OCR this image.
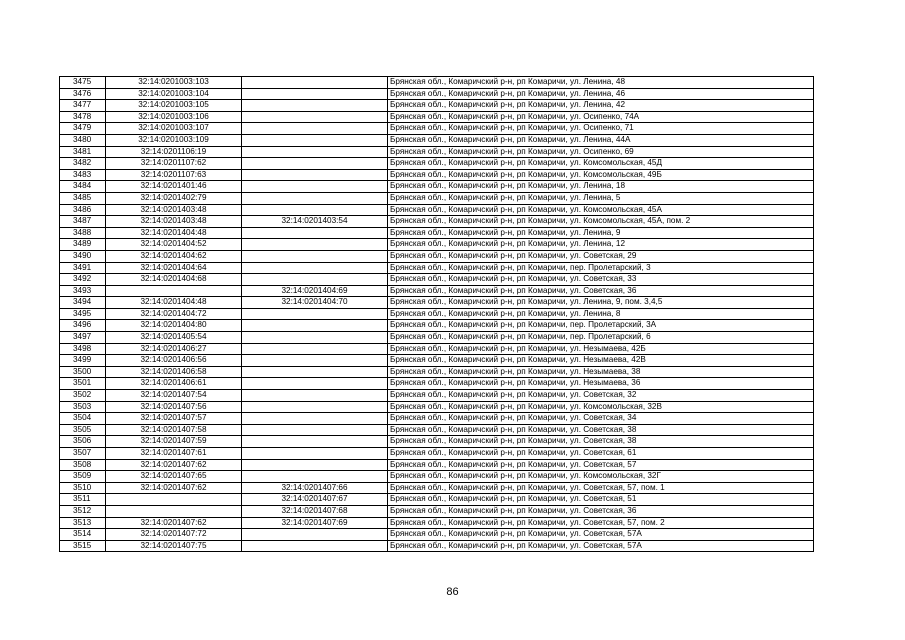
3475	32:14:0201003:103		Брянская обл., Комаричский р-н, рп Комаричи, ул. Ленина, 48
3476	32:14:0201003:104		Брянская обл., Комаричский р-н, рп Комаричи, ул. Ленина, 46
3477	32:14:0201003:105		Брянская обл., Комаричский р-н, рп Комаричи, ул. Ленина, 42
3478	32:14:0201003:106		Брянская обл., Комаричский р-н, рп Комаричи, ул. Осипенко, 74А
3479	32:14:0201003:107		Брянская обл., Комаричский р-н, рп Комаричи, ул. Осипенко, 71
3480	32:14:0201003:109		Брянская обл., Комаричский р-н, рп Комаричи, ул. Ленина, 44А
3481	32:14:0201106:19		Брянская обл., Комаричский р-н, рп Комаричи, ул. Осипенко, 69
3482	32:14:0201107:62		Брянская обл., Комаричский р-н, рп Комаричи, ул. Комсомольская, 45Д
3483	32:14:0201107:63		Брянская обл., Комаричский р-н, рп Комаричи, ул. Комсомольская, 49Б
3484	32:14:0201401:46		Брянская обл., Комаричский р-н, рп Комаричи, ул. Ленина, 18
3485	32:14:0201402:79		Брянская обл., Комаричский р-н, рп Комаричи, ул. Ленина, 5
3486	32:14:0201403:48		Брянская обл., Комаричский р-н, рп Комаричи, ул. Комсомольская, 45А
3487	32:14:0201403:48	32:14:0201403:54	Брянская обл., Комаричский р-н, рп Комаричи, ул. Комсомольская, 45А, пом. 2
3488	32:14:0201404:48		Брянская обл., Комаричский р-н, рп Комаричи, ул. Ленина, 9
3489	32:14:0201404:52		Брянская обл., Комаричский р-н, рп Комаричи, ул. Ленина, 12
3490	32:14:0201404:62		Брянская обл., Комаричский р-н, рп Комаричи, ул. Советская, 29
3491	32:14:0201404:64		Брянская обл., Комаричский р-н, рп Комаричи, пер. Пролетарский, 3
3492	32:14:0201404:68		Брянская обл., Комаричский р-н, рп Комаричи, ул. Советская, 33
3493		32:14:0201404:69	Брянская обл., Комаричский р-н, рп Комаричи, ул. Советская, 36
3494	32:14:0201404:48	32:14:0201404:70	Брянская обл., Комаричский р-н, рп Комаричи, ул. Ленина, 9, пом. 3,4,5
3495	32:14:0201404:72		Брянская обл., Комаричский р-н, рп Комаричи, ул. Ленина, 8
3496	32:14:0201404:80		Брянская обл., Комаричский р-н, рп Комаричи, пер. Пролетарский, 3А
3497	32:14:0201405:54		Брянская обл., Комаричский р-н, рп Комаричи, пер. Пролетарский, 6
3498	32:14:0201406:27		Брянская обл., Комаричский р-н, рп Комаричи, ул. Незымаева, 42Б
3499	32:14:0201406:56		Брянская обл., Комаричский р-н, рп Комаричи, ул. Незымаева, 42В
3500	32:14:0201406:58		Брянская обл., Комаричский р-н, рп Комаричи, ул. Незымаева, 38
3501	32:14:0201406:61		Брянская обл., Комаричский р-н, рп Комаричи, ул. Незымаева, 36
3502	32:14:0201407:54		Брянская обл., Комаричский р-н, рп Комаричи, ул. Советская, 32
3503	32:14:0201407:56		Брянская обл., Комаричский р-н, рп Комаричи, ул. Комсомольская, 32В
3504	32:14:0201407:57		Брянская обл., Комаричский р-н, рп Комаричи, ул. Советская, 34
3505	32:14:0201407:58		Брянская обл., Комаричский р-н, рп Комаричи, ул. Советская, 38
3506	32:14:0201407:59		Брянская обл., Комаричский р-н, рп Комаричи, ул. Советская, 38
3507	32:14:0201407:61		Брянская обл., Комаричский р-н, рп Комаричи, ул. Советская, 61
3508	32:14:0201407:62		Брянская обл., Комаричский р-н, рп Комаричи, ул. Советская, 57
3509	32:14:0201407:65		Брянская обл., Комаричский р-н, рп Комаричи, ул. Комсомольская, 32Г
3510	32:14:0201407:62	32:14:0201407:66	Брянская обл., Комаричский р-н, рп Комаричи, ул. Советская, 57, пом. 1
3511		32:14:0201407:67	Брянская обл., Комаричский р-н, рп Комаричи, ул. Советская, 51
3512		32:14:0201407:68	Брянская обл., Комаричский р-н, рп Комаричи, ул. Советская, 36
3513	32:14:0201407:62	32:14:0201407:69	Брянская обл., Комаричский р-н, рп Комаричи, ул. Советская, 57, пом. 2
3514	32:14:0201407:72		Брянская обл., Комаричский р-н, рп Комаричи, ул. Советская, 57А
3515	32:14:0201407:75		Брянская обл., Комаричский р-н, рп Комаричи, ул. Советская, 57А
86
